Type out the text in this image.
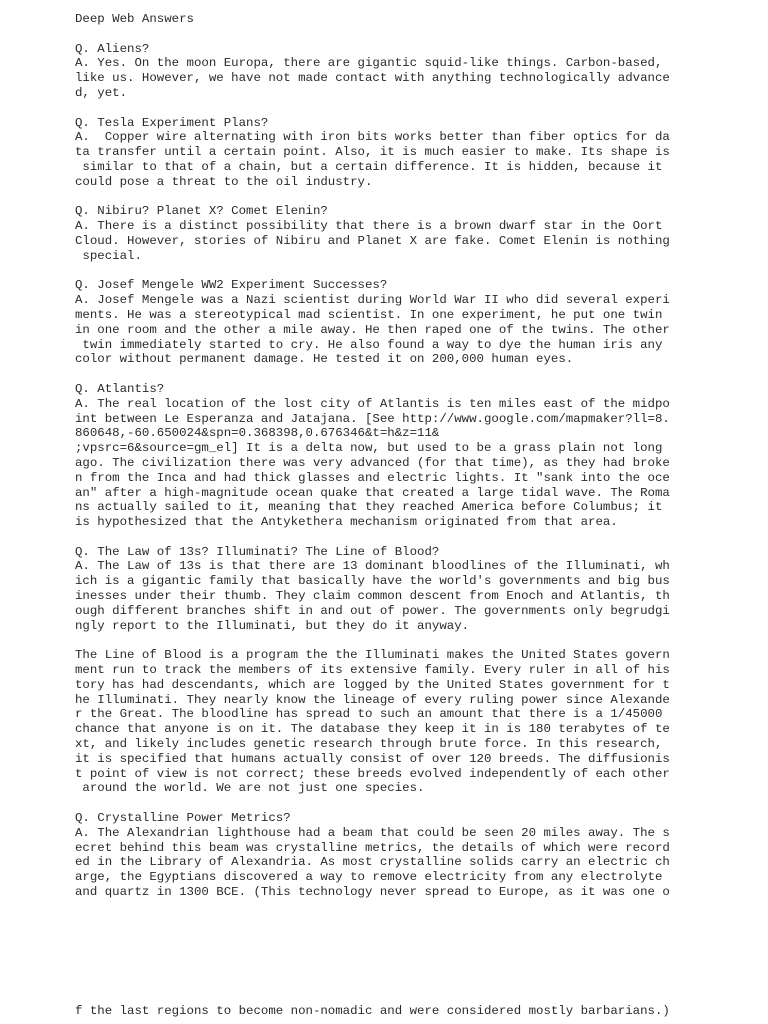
Deep Web Answers
Q. Aliens?
A. Yes. On the moon Europa, there are gigantic squid-like things. Carbon-based,
like us. However, we have not made contact with anything technologically advance
d, yet.
Q. Tesla Experiment Plans?
A.  Copper wire alternating with iron bits works better than fiber optics for da
ta transfer until a certain point. Also, it is much easier to make. Its shape is
similar to that of a chain, but a certain difference. It is hidden, because it
could pose a threat to the oil industry.
Q. Nibiru? Planet X? Comet Elenin?
A. There is a distinct possibility that there is a brown dwarf star in the Oort
Cloud. However, stories of Nibiru and Planet X are fake. Comet Elenin is nothing
special.
Q. Josef Mengele WW2 Experiment Successes?
A. Josef Mengele was a Nazi scientist during World War II who did several experi
ments. He was a stereotypical mad scientist. In one experiment, he put one twin
in one room and the other a mile away. He then raped one of the twins. The other
twin immediately started to cry. He also found a way to dye the human iris any
color without permanent damage. He tested it on 200,000 human eyes.
Q. Atlantis?
A. The real location of the lost city of Atlantis is ten miles east of the midpo
int between Le Esperanza and Jatajana. [See http://www.google.com/mapmaker?ll=8.
860648,-60.650024&spn=0.368398,0.676346&t=h&z=11&
;vpsrc=6&source=gm_el] It is a delta now, but used to be a grass plain not long
ago. The civilization there was very advanced (for that time), as they had broke
n from the Inca and had thick glasses and electric lights. It "sank into the oce
an" after a high-magnitude ocean quake that created a large tidal wave. The Roma
ns actually sailed to it, meaning that they reached America before Columbus; it
is hypothesized that the Antykethera mechanism originated from that area.
Q. The Law of 13s? Illuminati? The Line of Blood?
A. The Law of 13s is that there are 13 dominant bloodlines of the Illuminati, wh
ich is a gigantic family that basically have the world's governments and big bus
inesses under their thumb. They claim common descent from Enoch and Atlantis, th
ough different branches shift in and out of power. The governments only begrudgi
ngly report to the Illuminati, but they do it anyway.
The Line of Blood is a program the the Illuminati makes the United States govern
ment run to track the members of its extensive family. Every ruler in all of his
tory has had descendants, which are logged by the United States government for t
he Illuminati. They nearly know the lineage of every ruling power since Alexande
r the Great. The bloodline has spread to such an amount that there is a 1/45000
chance that anyone is on it. The database they keep it in is 180 terabytes of te
xt, and likely includes genetic research through brute force. In this research,
it is specified that humans actually consist of over 120 breeds. The diffusionis
t point of view is not correct; these breeds evolved independently of each other
around the world. We are not just one species.
Q. Crystalline Power Metrics?
A. The Alexandrian lighthouse had a beam that could be seen 20 miles away. The s
ecret behind this beam was crystalline metrics, the details of which were record
ed in the Library of Alexandria. As most crystalline solids carry an electric ch
arge, the Egyptians discovered a way to remove electricity from any electrolyte
and quartz in 1300 BCE. (This technology never spread to Europe, as it was one o
f the last regions to become non-nomadic and were considered mostly barbarians.)
